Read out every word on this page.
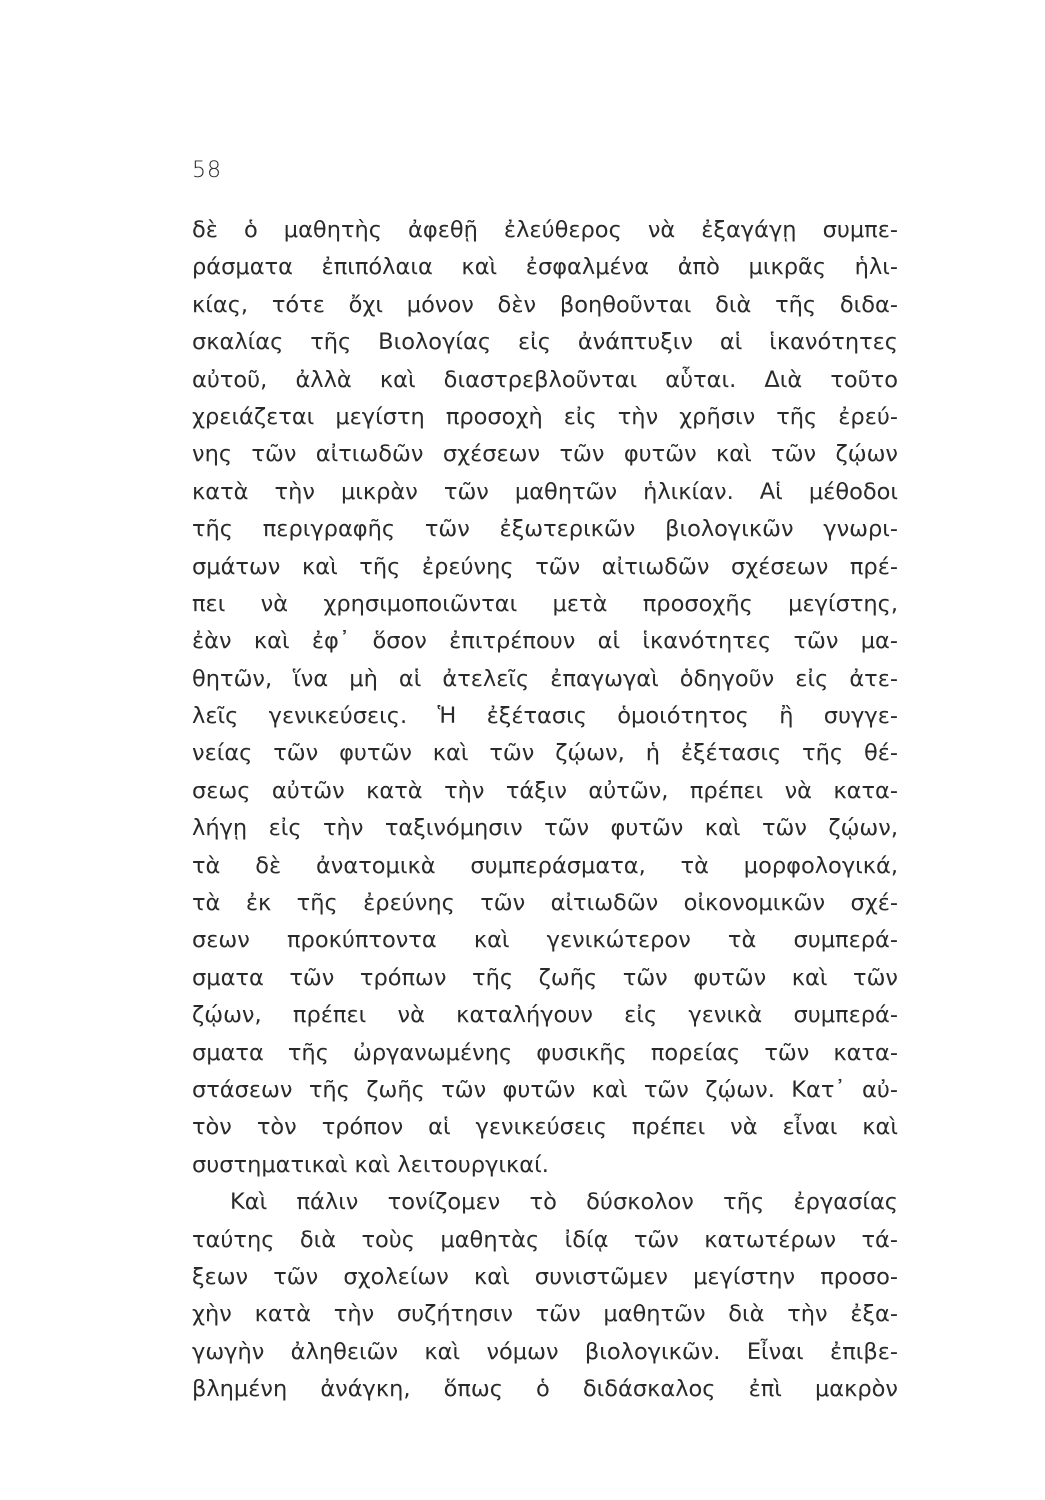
58
δὲ ὁ μαθητὴς ἀφεθῇ ἐλεύθερος νὰ ἐξαγάγῃ συμπε-
ράσματα ἐπιπόλαια καὶ ἐσφαλμένα ἀπὸ μικρᾶς ἡλι-
κίας, τότε ὄχι μόνον δὲν βοηθοῦνται διὰ τῆς διδα-
σκαλίας τῆς Βιολογίας εἰς ἀνάπτυξιν αἱ ἱκανότητες
αὐτοῦ, ἀλλὰ καὶ διαστρεβλοῦνται αὗται. Διὰ τοῦτο
χρειάζεται μεγίστη προσοχὴ εἰς τὴν χρῆσιν τῆς ἐρεύ-
νης τῶν αἰτιωδῶν σχέσεων τῶν φυτῶν καὶ τῶν ζῴων
κατὰ τὴν μικρὰν τῶν μαθητῶν ἡλικίαν. Αἱ μέθοδοι
τῆς περιγραφῆς τῶν ἐξωτερικῶν βιολογικῶν γνωρι-
σμάτων καὶ τῆς ἐρεύνης τῶν αἰτιωδῶν σχέσεων πρέ-
πει νὰ χρησιμοποιῶνται μετὰ προσοχῆς μεγίστης,
ἐὰν καὶ ἐφ᾽ ὅσον ἐπιτρέπουν αἱ ἱκανότητες τῶν μα-
θητῶν, ἵνα μὴ αἱ ἀτελεῖς ἐπαγωγαὶ ὁδηγοῦν εἰς ἀτε-
λεῖς γενικεύσεις. Ἡ ἐξέτασις ὁμοιότητος ἢ συγγε-
νείας τῶν φυτῶν καὶ τῶν ζῴων, ἡ ἐξέτασις τῆς θέ-
σεως αὐτῶν κατὰ τὴν τάξιν αὐτῶν, πρέπει νὰ κατα-
λήγῃ εἰς τὴν ταξινόμησιν τῶν φυτῶν καὶ τῶν ζῴων,
τὰ δὲ ἀνατομικὰ συμπεράσματα, τὰ μορφολογικά,
τὰ ἐκ τῆς ἐρεύνης τῶν αἰτιωδῶν οἰκονομικῶν σχέ-
σεων προκύπτοντα καὶ γενικώτερον τὰ συμπερά-
σματα τῶν τρόπων τῆς ζωῆς τῶν φυτῶν καὶ τῶν
ζῴων, πρέπει νὰ καταλήγουν εἰς γενικὰ συμπερά-
σματα τῆς ὠργανωμένης φυσικῆς πορείας τῶν κατα-
στάσεων τῆς ζωῆς τῶν φυτῶν καὶ τῶν ζῴων. Κατ᾽ αὐ-
τὸν τὸν τρόπον αἱ γενικεύσεις πρέπει νὰ εἶναι καὶ
συστηματικαὶ καὶ λειτουργικαί.
Καὶ πάλιν τονίζομεν τὸ δύσκολον τῆς ἐργασίας
ταύτης διὰ τοὺς μαθητὰς ἰδίᾳ τῶν κατωτέρων τά-
ξεων τῶν σχολείων καὶ συνιστῶμεν μεγίστην προσο-
χὴν κατὰ τὴν συζήτησιν τῶν μαθητῶν διὰ τὴν ἐξα-
γωγὴν ἀληθειῶν καὶ νόμων βιολογικῶν. Εἶναι ἐπιβε-
βλημένη ἀνάγκη, ὅπως ὁ διδάσκαλος ἐπὶ μακρὸν
